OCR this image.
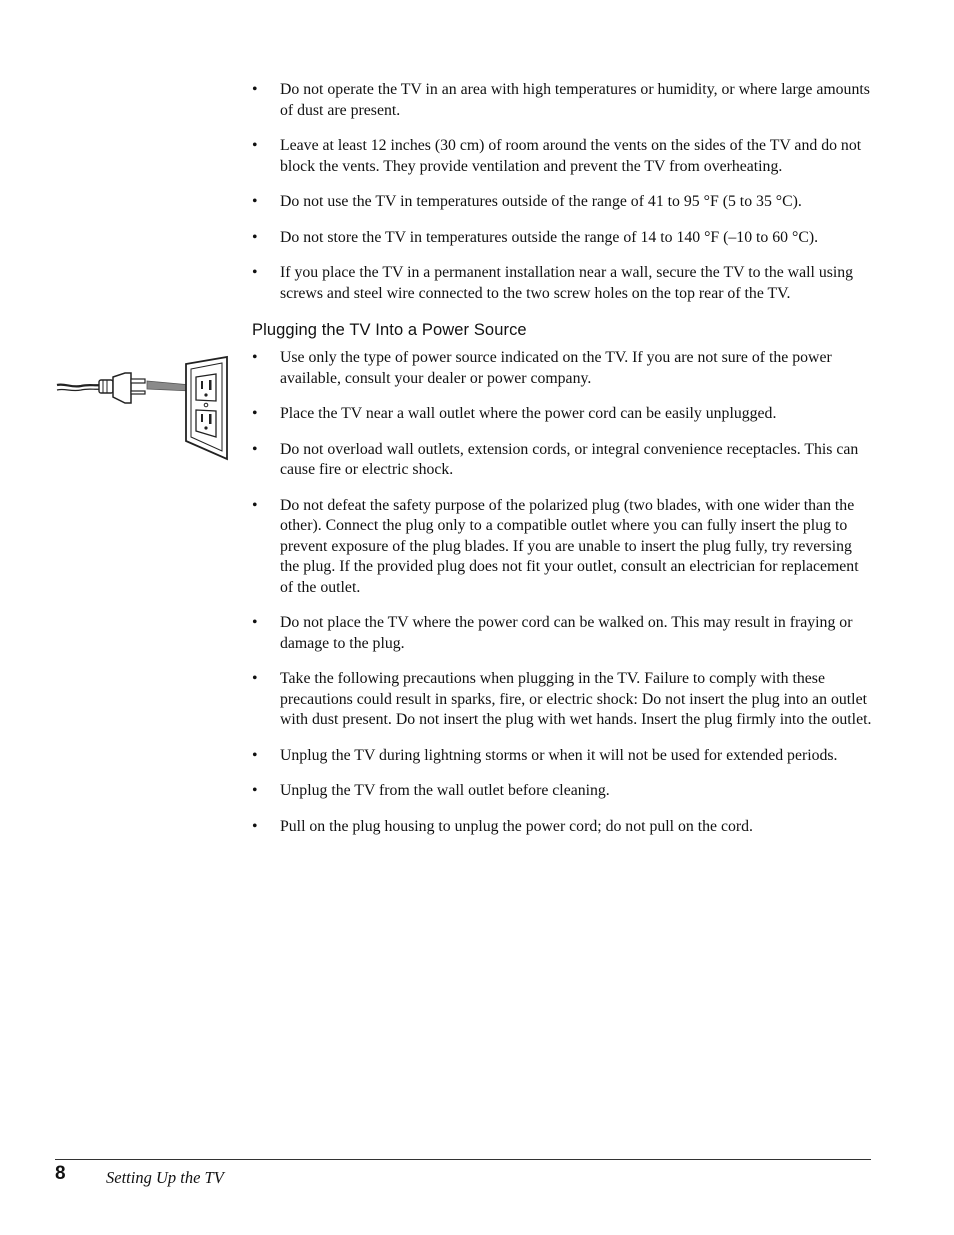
• Do not operate the TV in an area with high temperatures or humidity, or where large amounts of dust are present.
• Leave at least 12 inches (30 cm) of room around the vents on the sides of the TV and do not block the vents. They provide ventilation and prevent the TV from overheating.
• Do not use the TV in temperatures outside of the range of 41 to 95 °F (5 to 35 °C).
• Do not store the TV in temperatures outside the range of 14 to 140 °F (–10 to 60 °C).
• If you place the TV in a permanent installation near a wall, secure the TV to the wall using screws and steel wire connected to the two screw holes on the top rear of the TV.
Plugging the TV Into a Power Source
• Use only the type of power source indicated on the TV. If you are not sure of the power available, consult your dealer or power company.
• Place the TV near a wall outlet where the power cord can be easily unplugged.
• Do not overload wall outlets, extension cords, or integral convenience receptacles. This can cause fire or electric shock.
• Do not defeat the safety purpose of the polarized plug (two blades, with one wider than the other). Connect the plug only to a compatible outlet where you can fully insert the plug to prevent exposure of the plug blades. If you are unable to insert the plug fully, try reversing the plug. If the provided plug does not fit your outlet, consult an electrician for replacement of the outlet.
• Do not place the TV where the power cord can be walked on. This may result in fraying or damage to the plug.
• Take the following precautions when plugging in the TV. Failure to comply with these precautions could result in sparks, fire, or electric shock: Do not insert the plug into an outlet with dust present. Do not insert the plug with wet hands. Insert the plug firmly into the outlet.
• Unplug the TV during lightning storms or when it will not be used for extended periods.
• Unplug the TV from the wall outlet before cleaning.
• Pull on the plug housing to unplug the power cord; do not pull on the cord.
8 Setting Up the TV
